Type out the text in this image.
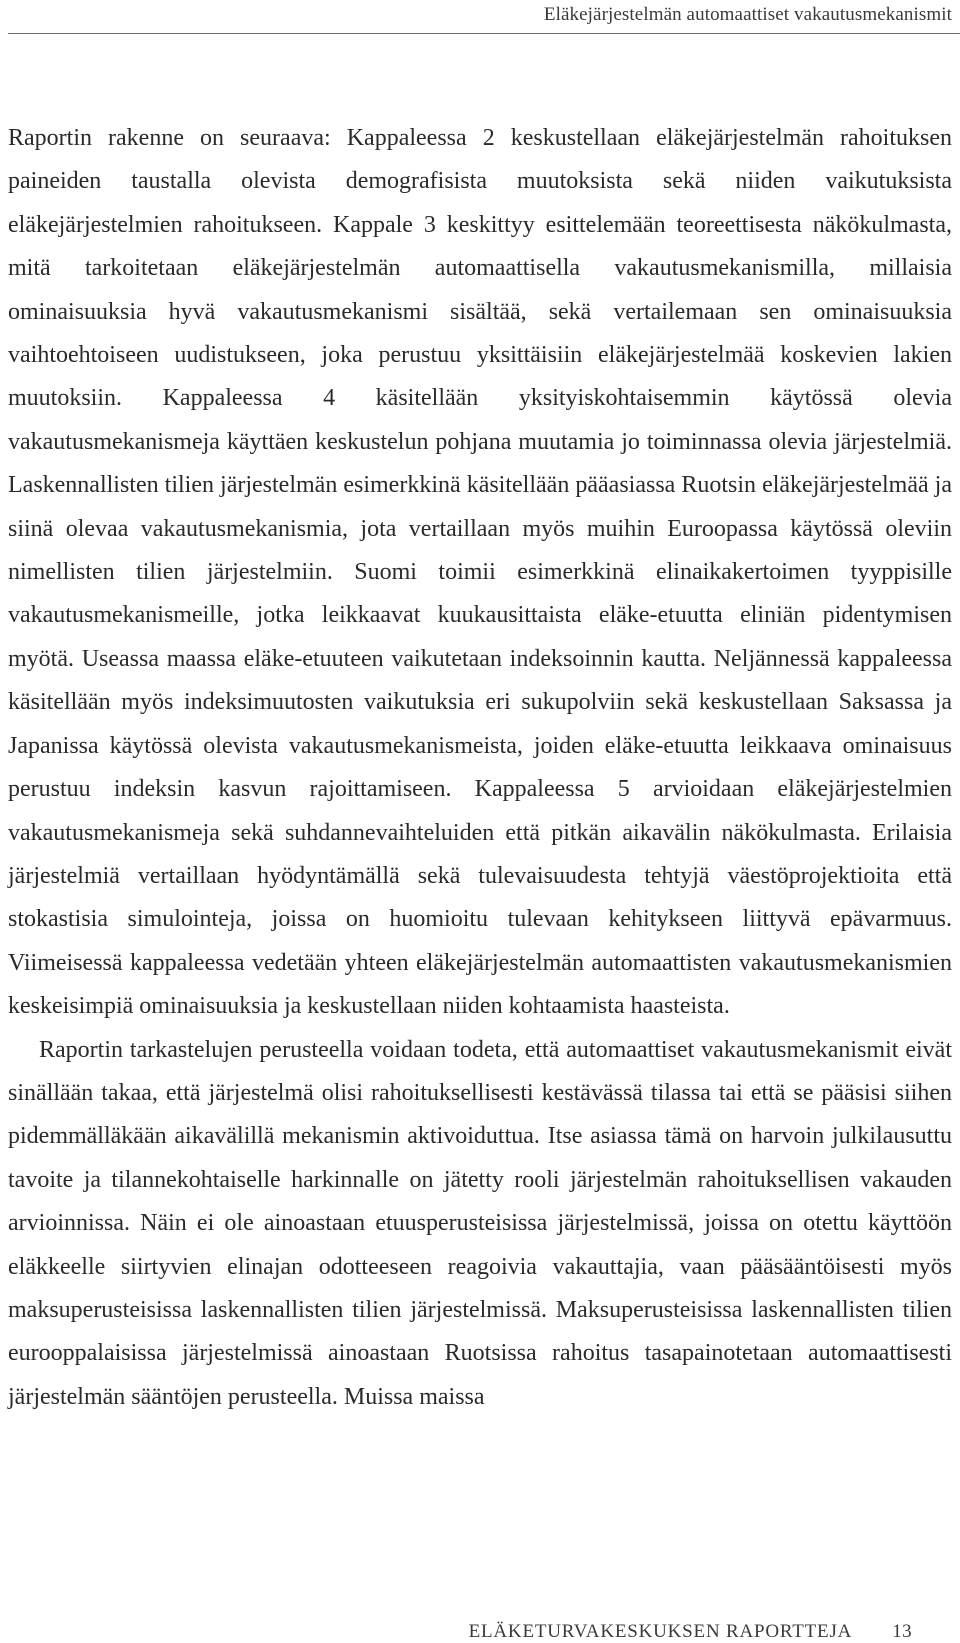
Eläkejärjestelmän automaattiset vakautusmekanismit

Raportin rakenne on seuraava: Kappaleessa 2 keskustellaan eläkejärjestelmän rahoituksen paineiden taustalla olevista demografisista muutoksista sekä niiden vaikutuksista eläkejärjestelmien rahoitukseen. Kappale 3 keskittyy esittelemään teoreettisesta näkökulmasta, mitä tarkoitetaan eläkejärjestelmän automaattisella vakautusmekanismilla, millaisia ominaisuuksia hyvä vakautusmekanismi sisältää, sekä vertailemaan sen ominaisuuksia vaihtoehtoiseen uudistukseen, joka perustuu yksittäisiin eläkejärjestelmää koskevien lakien muutoksiin. Kappaleessa 4 käsitellään yksityiskohtaisemmin käytössä olevia vakautusmekanismeja käyttäen keskustelun pohjana muutamia jo toiminnassa olevia järjestelmiä. Laskennallisten tilien järjestelmän esimerkkinä käsitellään pääasiassa Ruotsin eläkejärjestelmää ja siinä olevaa vakautusmekanismia, jota vertaillaan myös muihin Euroopassa käytössä oleviin nimellisten tilien järjestelmiin. Suomi toimii esimerkkinä elinaikakertoimen tyyppisille vakautusmekanismeille, jotka leikkaavat kuukausittaista eläke-etuutta eliniän pidentymisen myötä. Useassa maassa eläke-etuuteen vaikutetaan indeksoinnin kautta. Neljännessä kappaleessa käsitellään myös indeksimuutosten vaikutuksia eri sukupolviin sekä keskustellaan Saksassa ja Japanissa käytössä olevista vakautusmekanismeista, joiden eläke-etuutta leikkaava ominaisuus perustuu indeksin kasvun rajoittamiseen. Kappaleessa 5 arvioidaan eläkejärjestelmien vakautusmekanismeja sekä suhdannevaihteluiden että pitkän aikavälin näkökulmasta. Erilaisia järjestelmiä vertaillaan hyödyntämällä sekä tulevaisuudesta tehtyjä väestöprojektioita että stokastisia simulointeja, joissa on huomioitu tulevaan kehitykseen liittyvä epävarmuus. Viimeisessä kappaleessa vedetään yhteen eläkejärjestelmän automaattisten vakautusmekanismien keskeisimpiä ominaisuuksia ja keskustellaan niiden kohtaamista haasteista.

Raportin tarkastelujen perusteella voidaan todeta, että automaattiset vakautusmekanismit eivät sinällään takaa, että järjestelmä olisi rahoituksellisesti kestävässä tilassa tai että se pääsisi siihen pidemmälläkään aikavälillä mekanismin aktivoiduttua. Itse asiassa tämä on harvoin julkilausuttu tavoite ja tilannekohtaiselle harkinnalle on jätetty rooli järjestelmän rahoituksellisen vakauden arvioinnissa. Näin ei ole ainoastaan etuusperusteisissa järjestelmissä, joissa on otettu käyttöön eläkkeelle siirtyvien elinajan odotteeseen reagoivia vakauttajia, vaan pääsääntöisesti myös maksuperusteisissa laskennallisten tilien järjestelmissä. Maksuperusteisissa laskennallisten tilien eurooppalaisissa järjestelmissä ainoastaan Ruotsissa rahoitus tasapainotetaan automaattisesti järjestelmän sääntöjen perusteella. Muissa maissa

ELÄKETURVAKESKUKSEN RAPORTTEJA 13
